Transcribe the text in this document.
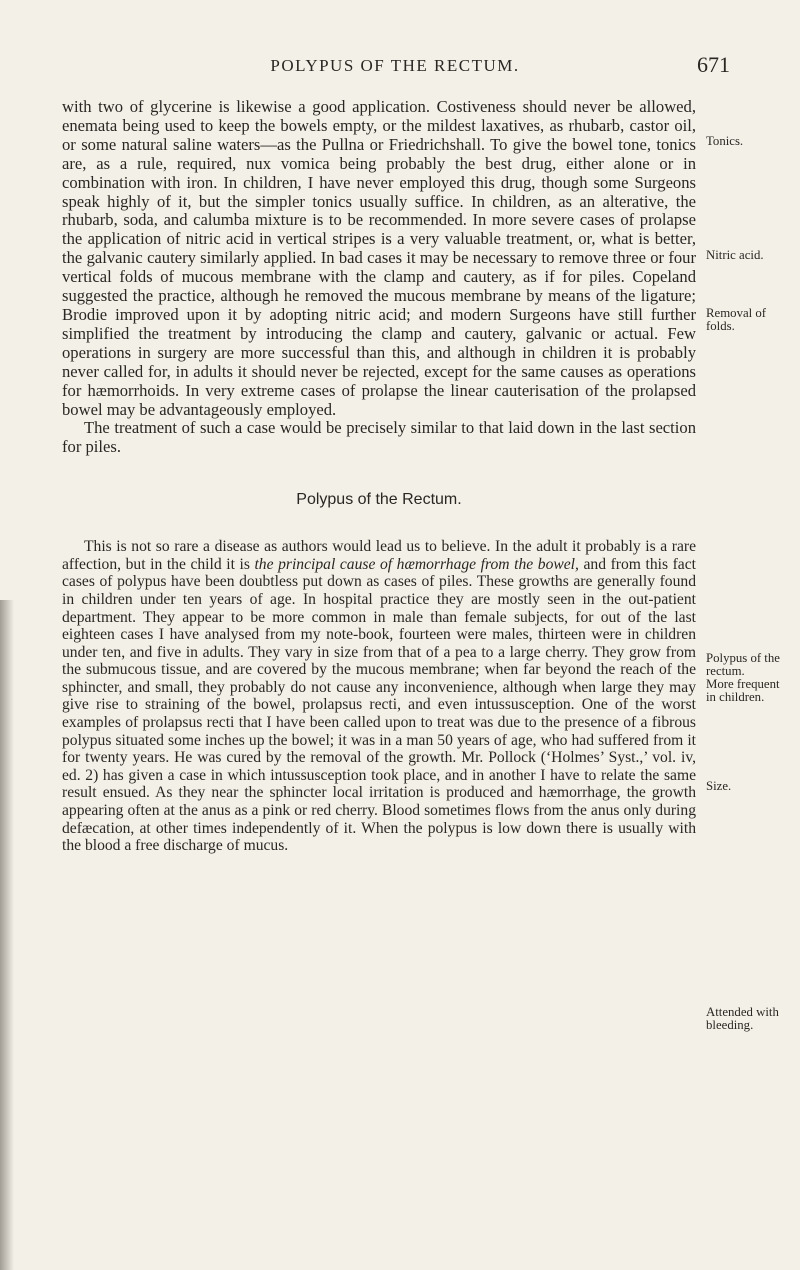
POLYPUS OF THE RECTUM.	671

with two of glycerine is likewise a good application. Costiveness should never be allowed, enemata being used to keep the bowels empty, or the mildest laxatives, as rhubarb, castor oil, or some natural saline waters—as the Pullna or Friedrichshall. To give the bowel tone, tonics are, as a rule, required, nux vomica being probably the best drug, either alone or in combination with iron. In children, I have never employed this drug, though some Surgeons speak highly of it, but the simpler tonics usually suffice. In children, as an alterative, the rhubarb, soda, and calumba mixture is to be recommended. In more severe cases of prolapse the application of nitric acid in vertical stripes is a very valuable treatment, or, what is better, the galvanic cautery similarly applied. In bad cases it may be necessary to remove three or four vertical folds of mucous membrane with the clamp and cautery, as if for piles. Copeland suggested the practice, although he removed the mucous membrane by means of the ligature; Brodie improved upon it by adopting nitric acid; and modern Surgeons have still further simplified the treatment by introducing the clamp and cautery, galvanic or actual. Few operations in surgery are more successful than this, and although in children it is probably never called for, in adults it should never be rejected, except for the same causes as operations for hæmorrhoids. In very extreme cases of prolapse the linear cauterisation of the prolapsed bowel may be advantageously employed.

The treatment of such a case would be precisely similar to that laid down in the last section for piles.

Polypus of the Rectum.

This is not so rare a disease as authors would lead us to believe. In the adult it probably is a rare affection, but in the child it is the principal cause of hæmorrhage from the bowel, and from this fact cases of polypus have been doubtless put down as cases of piles. These growths are generally found in children under ten years of age. In hospital practice they are mostly seen in the out-patient department. They appear to be more common in male than female subjects, for out of the last eighteen cases I have analysed from my note-book, fourteen were males, thirteen were in children under ten, and five in adults. They vary in size from that of a pea to a large cherry. They grow from the submucous tissue, and are covered by the mucous membrane; when far beyond the reach of the sphincter, and small, they probably do not cause any inconvenience, although when large they may give rise to straining of the bowel, prolapsus recti, and even intussusception. One of the worst examples of prolapsus recti that I have been called upon to treat was due to the presence of a fibrous polypus situated some inches up the bowel; it was in a man 50 years of age, who had suffered from it for twenty years. He was cured by the removal of the growth. Mr. Pollock (‘Holmes’ Syst.,’ vol. iv, ed. 2) has given a case in which intussusception took place, and in another I have to relate the same result ensued. As they near the sphincter local irritation is produced and hæmorrhage, the growth appearing often at the anus as a pink or red cherry. Blood sometimes flows from the anus only during defæcation, at other times independently of it. When the polypus is low down there is usually with the blood a free discharge of mucus.

Tonics.
Nitric acid.
Removal of folds.
Polypus of the rectum.
More frequent in children.
Size.
Attended with bleeding.
